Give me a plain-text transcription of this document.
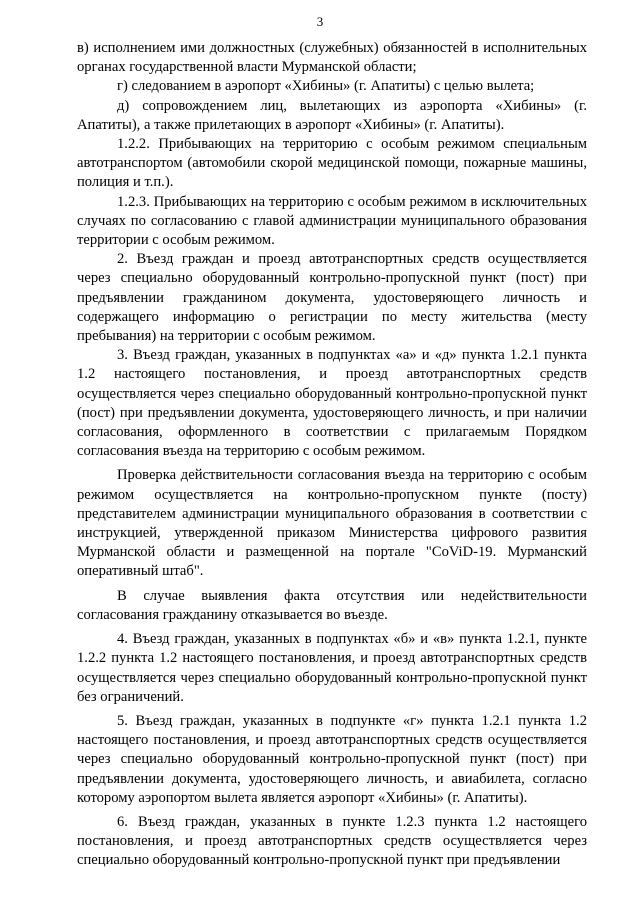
3

в) исполнением ими должностных (служебных) обязанностей в исполнительных органах государственной власти Мурманской области;

г) следованием в аэропорт «Хибины» (г. Апатиты) с целью вылета;

д) сопровождением лиц, вылетающих из аэропорта «Хибины» (г. Апатиты), а также прилетающих в аэропорт «Хибины» (г. Апатиты).

1.2.2. Прибывающих на территорию с особым режимом специальным автотранспортом (автомобили скорой медицинской помощи, пожарные машины, полиция и т.п.).

1.2.3. Прибывающих на территорию с особым режимом в исключительных случаях по согласованию с главой администрации муниципального образования территории с особым режимом.

2. Въезд граждан и проезд автотранспортных средств осуществляется через специально оборудованный контрольно-пропускной пункт (пост) при предъявлении гражданином документа, удостоверяющего личность и содержащего информацию о регистрации по месту жительства (месту пребывания) на территории с особым режимом.

3. Въезд граждан, указанных в подпунктах «а» и «д» пункта 1.2.1 пункта 1.2 настоящего постановления, и проезд автотранспортных средств осуществляется через специально оборудованный контрольно-пропускной пункт (пост) при предъявлении документа, удостоверяющего личность, и при наличии согласования, оформленного в соответствии с прилагаемым Порядком согласования въезда на территорию с особым режимом.

Проверка действительности согласования въезда на территорию с особым режимом осуществляется на контрольно-пропускном пункте (посту) представителем администрации муниципального образования в соответствии с инструкцией, утвержденной приказом Министерства цифрового развития Мурманской области и размещенной на портале "CoViD-19. Мурманский оперативный штаб".

В случае выявления факта отсутствия или недействительности согласования гражданину отказывается во въезде.

4. Въезд граждан, указанных в подпунктах «б» и «в» пункта 1.2.1, пункте 1.2.2 пункта 1.2 настоящего постановления, и проезд автотранспортных средств осуществляется через специально оборудованный контрольно-пропускной пункт без ограничений.

5. Въезд граждан, указанных в подпункте «г» пункта 1.2.1 пункта 1.2 настоящего постановления, и проезд автотранспортных средств осуществляется через специально оборудованный контрольно-пропускной пункт (пост) при предъявлении документа, удостоверяющего личность, и авиабилета, согласно которому аэропортом вылета является аэропорт «Хибины» (г. Апатиты).

6. Въезд граждан, указанных в пункте 1.2.3 пункта 1.2 настоящего постановления, и проезд автотранспортных средств осуществляется через специально оборудованный контрольно-пропускной пункт при предъявлении
